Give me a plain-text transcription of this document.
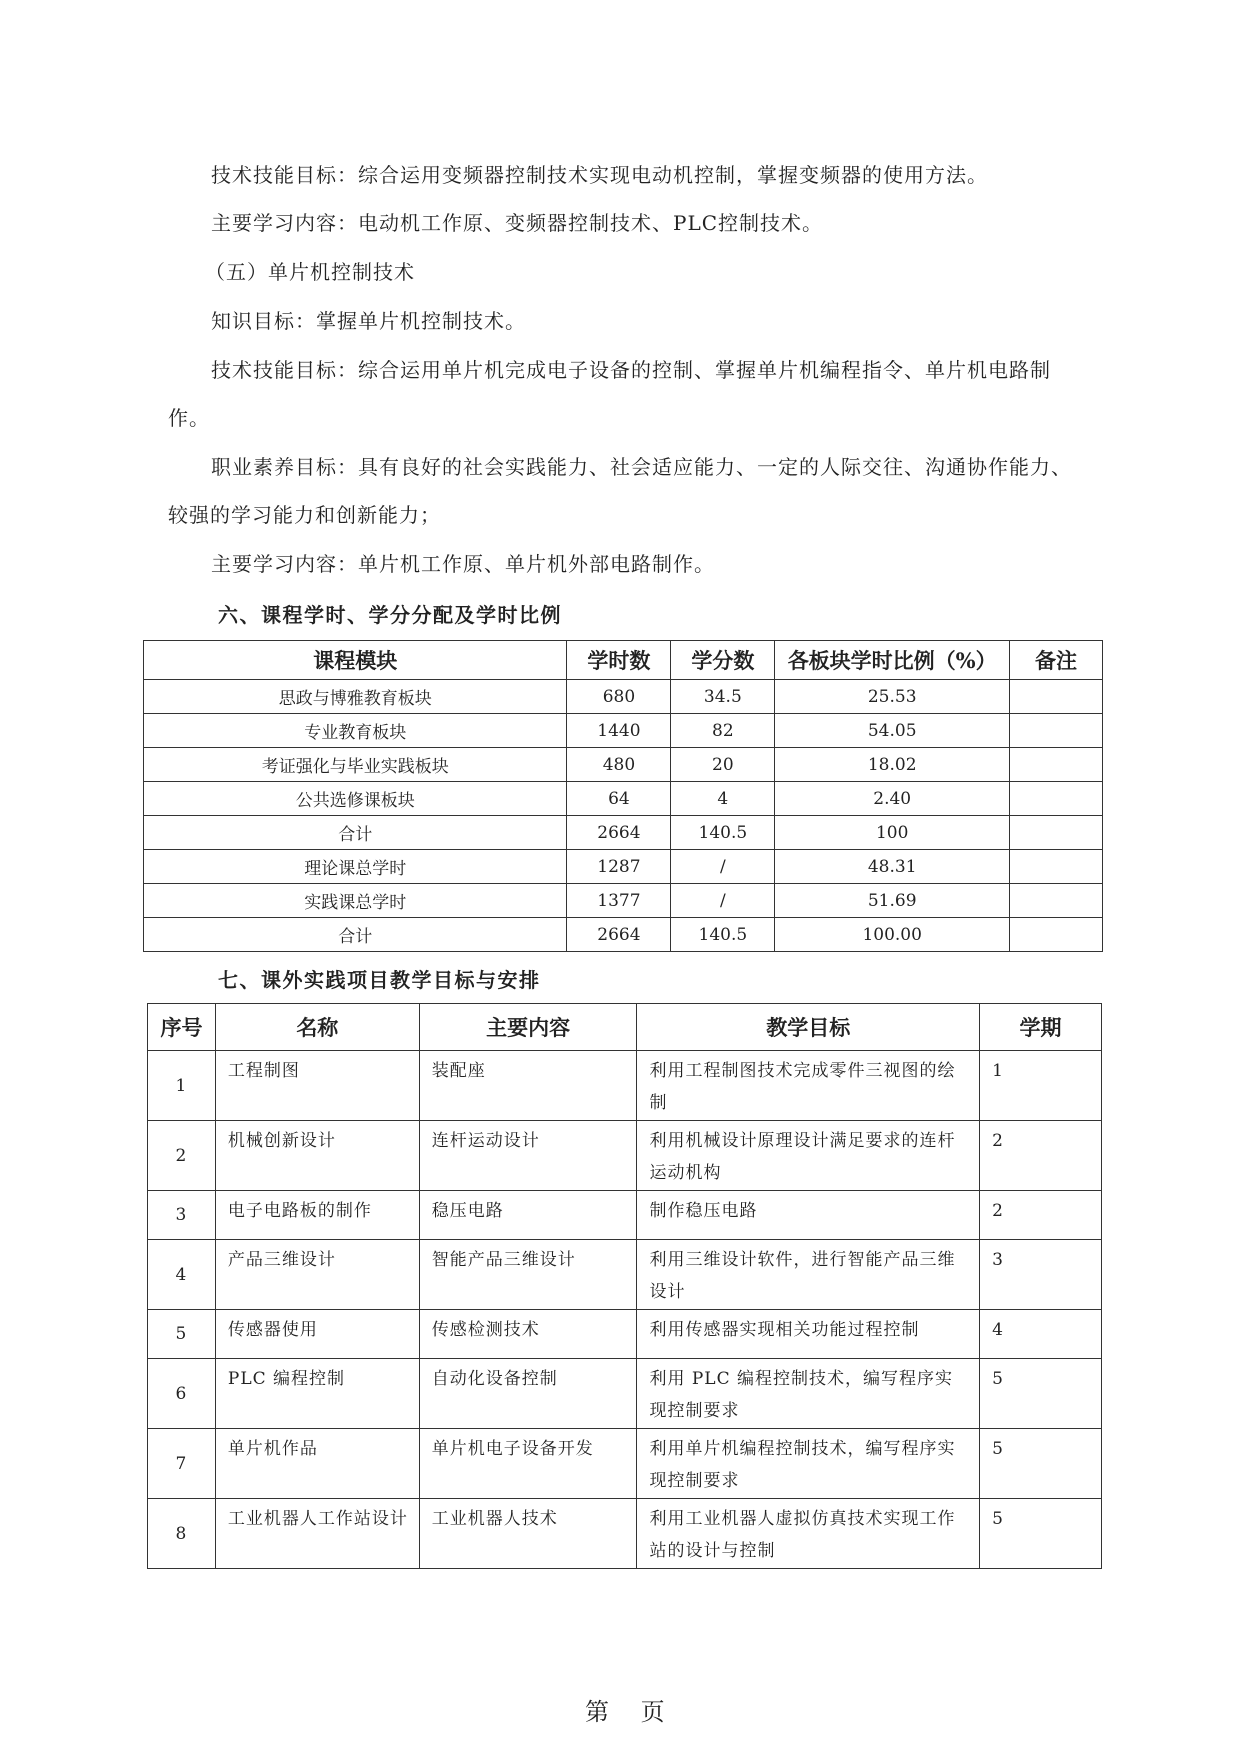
技术技能目标：综合运用变频器控制技术实现电动机控制，掌握变频器的使用方法。
主要学习内容：电动机工作原、变频器控制技术、PLC控制技术。
（五）单片机控制技术
知识目标：掌握单片机控制技术。
技术技能目标：综合运用单片机完成电子设备的控制、掌握单片机编程指令、单片机电路制
作。
职业素养目标：具有良好的社会实践能力、社会适应能力、一定的人际交往、沟通协作能力、
较强的学习能力和创新能力；
主要学习内容：单片机工作原、单片机外部电路制作。
六、课程学时、学分分配及学时比例
课程模块	学时数	学分数	各板块学时比例（%）	备注
思政与博雅教育板块	680	34.5	25.53	
专业教育板块	1440	82	54.05	
考证强化与毕业实践板块	480	20	18.02	
公共选修课板块	64	4	2.40	
合计	2664	140.5	100	
理论课总学时	1287	/	48.31	
实践课总学时	1377	/	51.69	
合计	2664	140.5	100.00	
七、课外实践项目教学目标与安排
序号	名称	主要内容	教学目标	学期
1	工程制图	装配座	利用工程制图技术完成零件三视图的绘制	1
2	机械创新设计	连杆运动设计	利用机械设计原理设计满足要求的连杆运动机构	2
3	电子电路板的制作	稳压电路	制作稳压电路	2
4	产品三维设计	智能产品三维设计	利用三维设计软件，进行智能产品三维设计	3
5	传感器使用	传感检测技术	利用传感器实现相关功能过程控制	4
6	PLC 编程控制	自动化设备控制	利用 PLC 编程控制技术，编写程序实现控制要求	5
7	单片机作品	单片机电子设备开发	利用单片机编程控制技术，编写程序实现控制要求	5
8	工业机器人工作站设计	工业机器人技术	利用工业机器人虚拟仿真技术实现工作站的设计与控制	5
第 页
